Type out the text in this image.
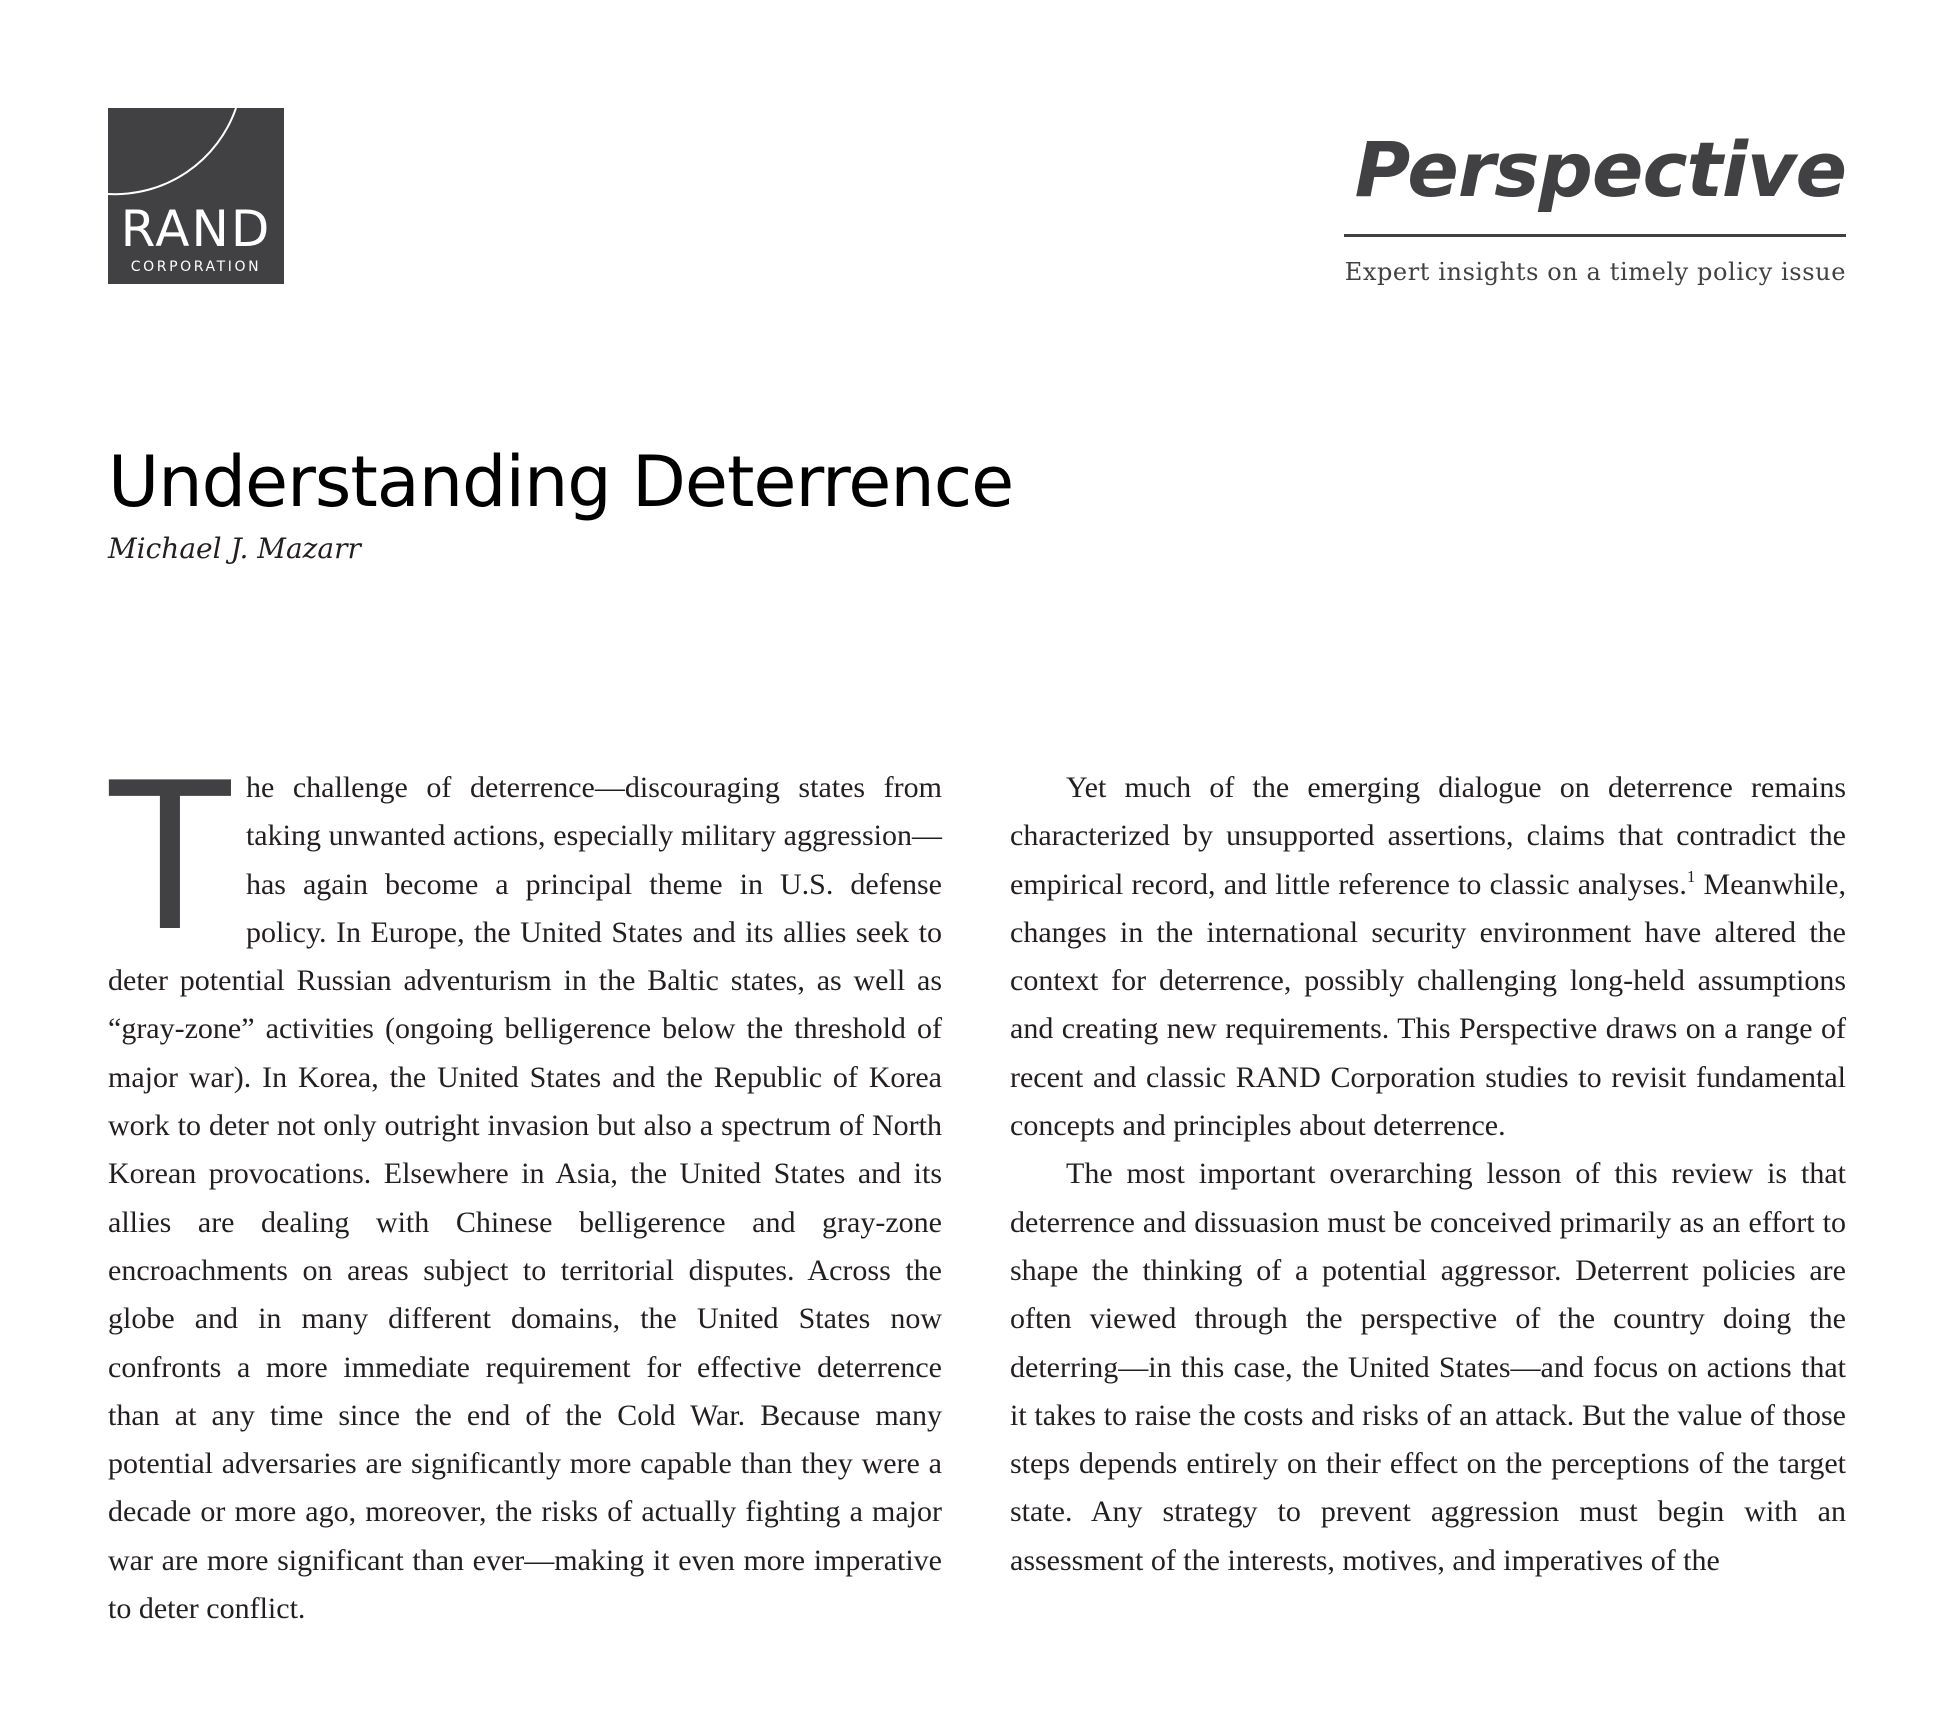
RAND
CORPORATION
Perspective
Expert insights on a timely policy issue
Understanding Deterrence
Michael J. Mazarr

The challenge of deterrence—discouraging states from taking unwanted actions, especially military aggression—has again become a principal theme in U.S. defense policy. In Europe, the United States and its allies seek to deter potential Russian adventurism in the Baltic states, as well as “gray-zone” activities (ongoing belligerence below the threshold of major war). In Korea, the United States and the Republic of Korea work to deter not only outright invasion but also a spectrum of North Korean provocations. Elsewhere in Asia, the United States and its allies are dealing with Chinese belligerence and gray-zone encroachments on areas subject to territorial disputes. Across the globe and in many different domains, the United States now confronts a more immediate requirement for effective deterrence than at any time since the end of the Cold War. Because many potential adversaries are significantly more capable than they were a decade or more ago, moreover, the risks of actually fighting a major war are more significant than ever—making it even more imperative to deter conflict.

Yet much of the emerging dialogue on deterrence remains characterized by unsupported assertions, claims that contradict the empirical record, and little reference to classic analyses.$^1$ Meanwhile, changes in the international security environment have altered the context for deterrence, possibly challenging long-held assumptions and creating new requirements. This Perspective draws on a range of recent and classic RAND Corporation studies to revisit fundamental concepts and principles about deterrence.

The most important overarching lesson of this review is that deterrence and dissuasion must be conceived primarily as an effort to shape the thinking of a potential aggressor. Deterrent policies are often viewed through the perspective of the country doing the deterring—in this case, the United States—and focus on actions that it takes to raise the costs and risks of an attack. But the value of those steps depends entirely on their effect on the perceptions of the target state. Any strategy to prevent aggression must begin with an assessment of the interests, motives, and imperatives of the
